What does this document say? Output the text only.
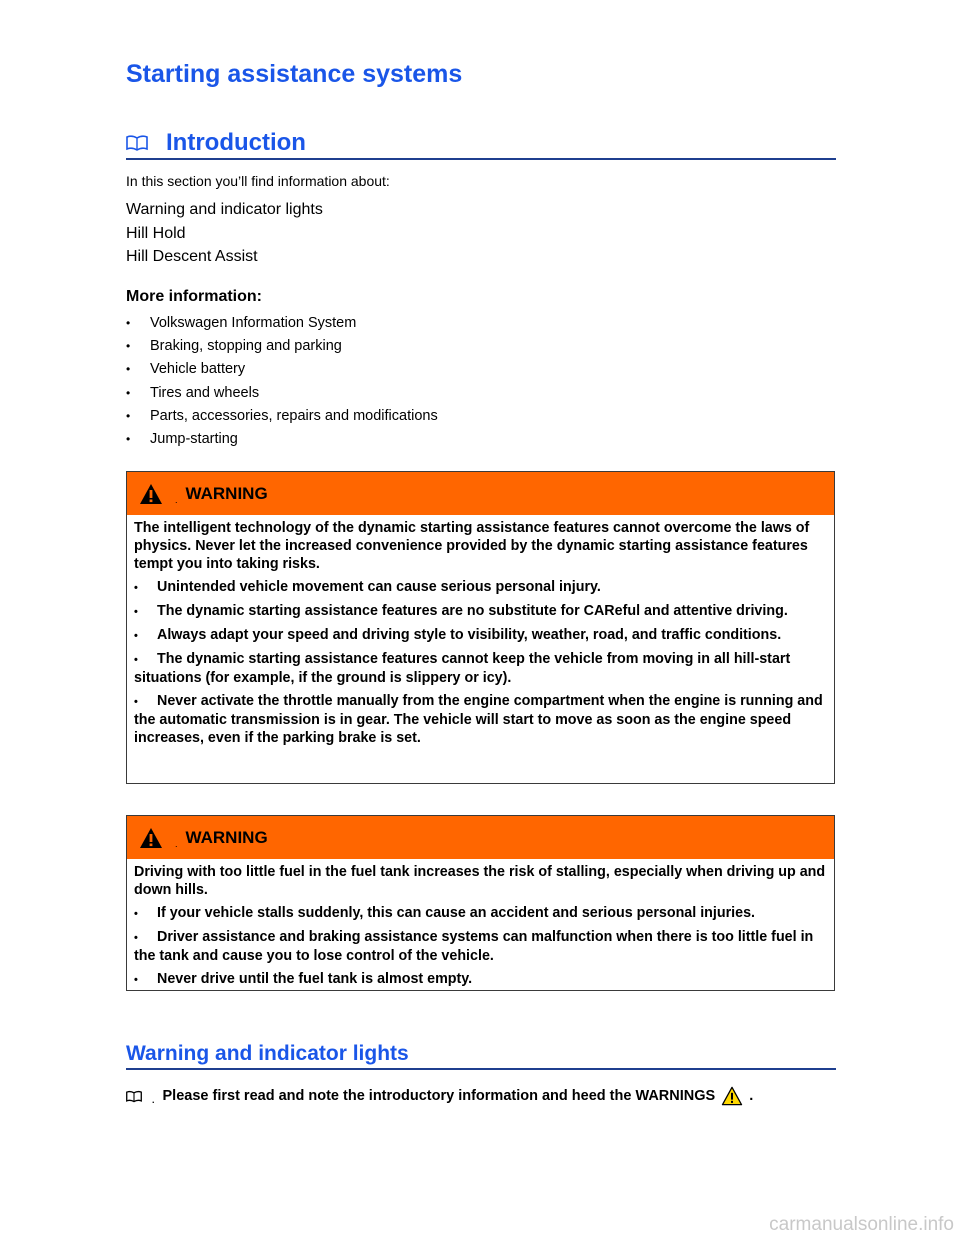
Starting assistance systems
Introduction
In this section you’ll find information about:
Warning and indicator lights
Hill Hold
Hill Descent Assist
More information:
•	Volkswagen Information System
•	Braking, stopping and parking
•	Vehicle battery
•	Tires and wheels
•	Parts, accessories, repairs and modifications
•	Jump-starting
. WARNING

The intelligent technology of the dynamic starting assistance features cannot overcome the laws of physics. Never let the increased convenience provided by the dynamic starting assistance features tempt you into taking risks.

• Unintended vehicle movement can cause serious personal injury.
• The dynamic starting assistance features are no substitute for CAReful and attentive driving.
• Always adapt your speed and driving style to visibility, weather, road, and traffic conditions.
• The dynamic starting assistance features cannot keep the vehicle from moving in all hill-start situations (for example, if the ground is slippery or icy).
• Never activate the throttle manually from the engine compartment when the engine is running and the automatic transmission is in gear. The vehicle will start to move as soon as the engine speed increases, even if the parking brake is set.
. WARNING

Driving with too little fuel in the fuel tank increases the risk of stalling, especially when driving up and down hills.

• If your vehicle stalls suddenly, this can cause an accident and serious personal injuries.
• Driver assistance and braking assistance systems can malfunction when there is too little fuel in the tank and cause you to lose control of the vehicle.
• Never drive until the fuel tank is almost empty.
Warning and indicator lights
. Please first read and note the introductory information and heed the WARNINGS .
carmanualsonline.info
